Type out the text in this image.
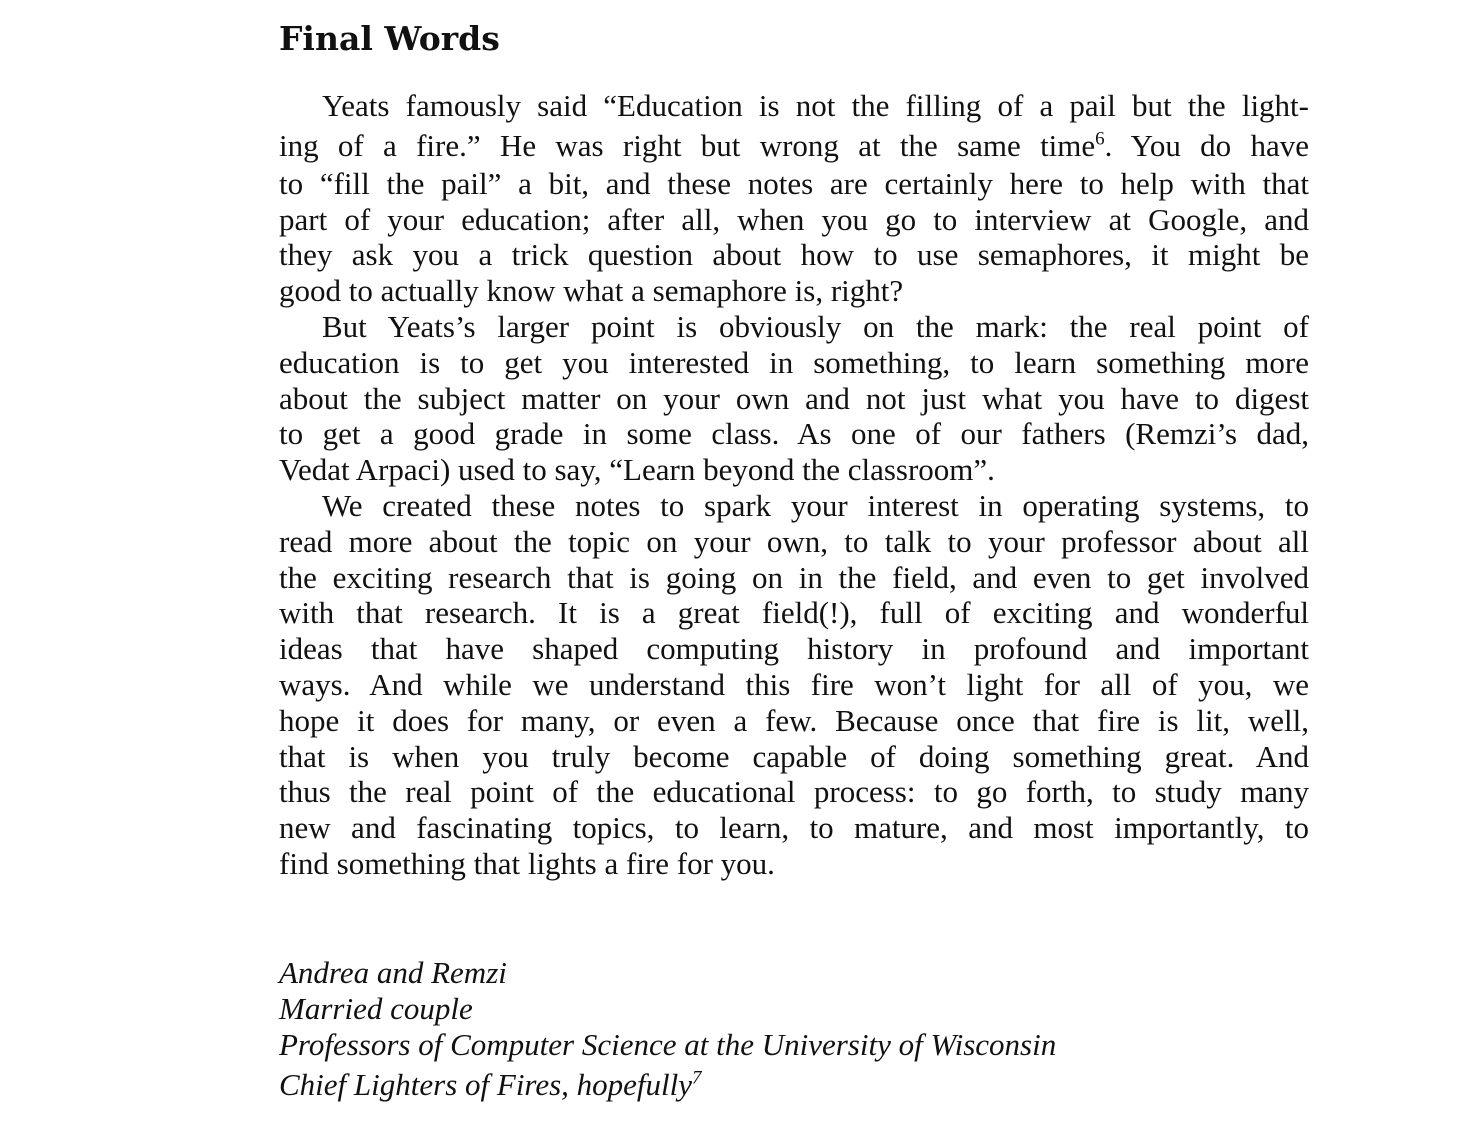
Final Words
Yeats famously said “Education is not the filling of a pail but the light-
ing of a fire.” He was right but wrong at the same time$^6$. You do have
to “fill the pail” a bit, and these notes are certainly here to help with that
part of your education; after all, when you go to interview at Google, and
they ask you a trick question about how to use semaphores, it might be
good to actually know what a semaphore is, right?
But Yeats’s larger point is obviously on the mark: the real point of
education is to get you interested in something, to learn something more
about the subject matter on your own and not just what you have to digest
to get a good grade in some class. As one of our fathers (Remzi’s dad,
Vedat Arpaci) used to say, “Learn beyond the classroom”.
We created these notes to spark your interest in operating systems, to
read more about the topic on your own, to talk to your professor about all
the exciting research that is going on in the field, and even to get involved
with that research. It is a great field(!), full of exciting and wonderful
ideas that have shaped computing history in profound and important
ways. And while we understand this fire won’t light for all of you, we
hope it does for many, or even a few. Because once that fire is lit, well,
that is when you truly become capable of doing something great. And
thus the real point of the educational process: to go forth, to study many
new and fascinating topics, to learn, to mature, and most importantly, to
find something that lights a fire for you.
Andrea and Remzi
Married couple
Professors of Computer Science at the University of Wisconsin
Chief Lighters of Fires, hopefully$^7$
